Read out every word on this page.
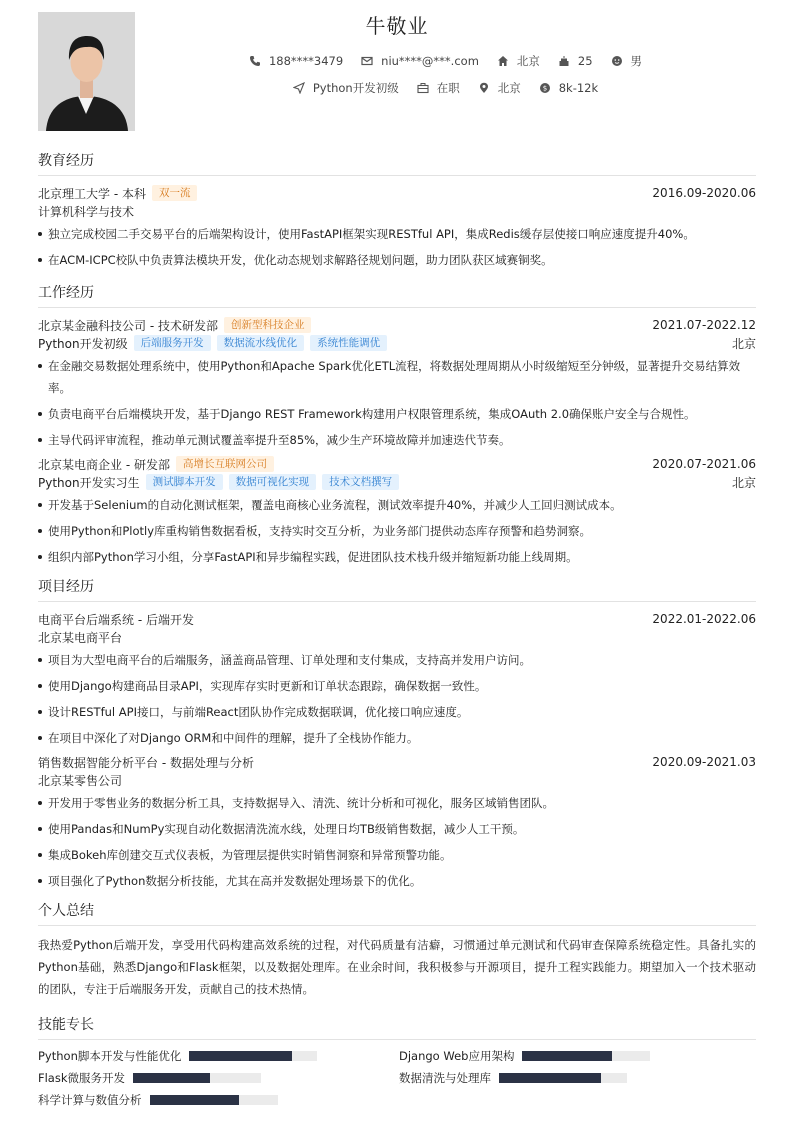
牛敬业
188****3479	niu****@***.com	北京	25	男
Python开发初级	在职	北京	$ 8k-12k
教育经历
北京理工大学 - 本科	双一流	2016.09-2020.06
计算机科学与技术
独立完成校园二手交易平台的后端架构设计，使用FastAPI框架实现RESTful API，集成Redis缓存层使接口响应速度提升40%。
在ACM-ICPC校队中负责算法模块开发，优化动态规划求解路径规划问题，助力团队获区域赛铜奖。
工作经历
北京某金融科技公司 - 技术研发部	创新型科技企业	2021.07-2022.12
Python开发初级	后端服务开发	数据流水线优化	系统性能调优	北京
在金融交易数据处理系统中，使用Python和Apache Spark优化ETL流程，将数据处理周期从小时级缩短至分钟级，显著提升交易结算效率。
负责电商平台后端模块开发，基于Django REST Framework构建用户权限管理系统，集成OAuth 2.0确保账户安全与合规性。
主导代码评审流程，推动单元测试覆盖率提升至85%，减少生产环境故障并加速迭代节奏。
北京某电商企业 - 研发部	高增长互联网公司	2020.07-2021.06
Python开发实习生	测试脚本开发	数据可视化实现	技术文档撰写	北京
开发基于Selenium的自动化测试框架，覆盖电商核心业务流程，测试效率提升40%，并减少人工回归测试成本。
使用Python和Plotly库重构销售数据看板，支持实时交互分析，为业务部门提供动态库存预警和趋势洞察。
组织内部Python学习小组，分享FastAPI和异步编程实践，促进团队技术栈升级并缩短新功能上线周期。
项目经历
电商平台后端系统 - 后端开发	2022.01-2022.06
北京某电商平台
项目为大型电商平台的后端服务，涵盖商品管理、订单处理和支付集成，支持高并发用户访问。
使用Django构建商品目录API，实现库存实时更新和订单状态跟踪，确保数据一致性。
设计RESTful API接口，与前端React团队协作完成数据联调，优化接口响应速度。
在项目中深化了对Django ORM和中间件的理解，提升了全栈协作能力。
销售数据智能分析平台 - 数据处理与分析	2020.09-2021.03
北京某零售公司
开发用于零售业务的数据分析工具，支持数据导入、清洗、统计分析和可视化，服务区域销售团队。
使用Pandas和NumPy实现自动化数据清洗流水线，处理日均TB级销售数据，减少人工干预。
集成Bokeh库创建交互式仪表板，为管理层提供实时销售洞察和异常预警功能。
项目强化了Python数据分析技能，尤其在高并发数据处理场景下的优化。
个人总结
我热爱Python后端开发，享受用代码构建高效系统的过程，对代码质量有洁癖，习惯通过单元测试和代码审查保障系统稳定性。具备扎实的Python基础，熟悉Django和Flask框架，以及数据处理库。在业余时间，我积极参与开源项目，提升工程实践能力。期望加入一个技术驱动的团队，专注于后端服务开发，贡献自己的技术热情。
技能专长
Python脚本开发与性能优化	Django Web应用架构
Flask微服务开发	数据清洗与处理库
科学计算与数值分析
